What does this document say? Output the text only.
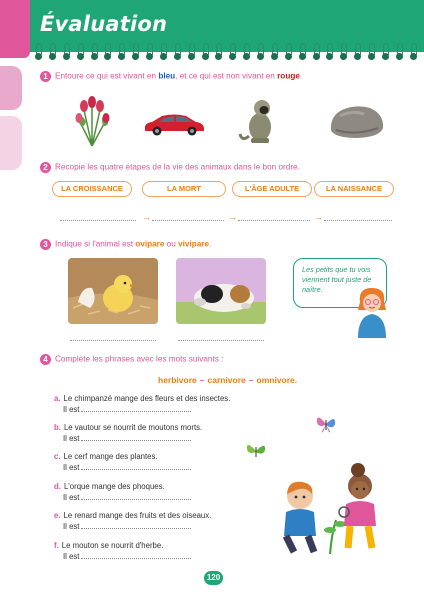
Évaluation
1 Entoure ce qui est vivant en bleu, et ce qui est non vivant en rouge.
2 Recopie les quatre étapes de la vie des animaux dans le bon ordre.
LA CROISSANCE	LA MORT	L'ÂGE ADULTE	LA NAISSANCE
→	→	→
3 Indique si l'animal est ovipare ou vivipare.
Les petits que tu vois viennent tout juste de naître.
4 Complète les phrases avec les mots suivants :
herbivore – carnivore – omnivore.
a. Le chimpanzé mange des fleurs et des insectes.
Il est	.
b. Le vautour se nourrit de moutons morts.
Il est	.
c. Le cerf mange des plantes.
Il est	.
d. L'orque mange des phoques.
Il est	.
e. Le renard mange des fruits et des oiseaux.
Il est	.
f. Le mouton se nourrit d'herbe.
Il est	.
120
